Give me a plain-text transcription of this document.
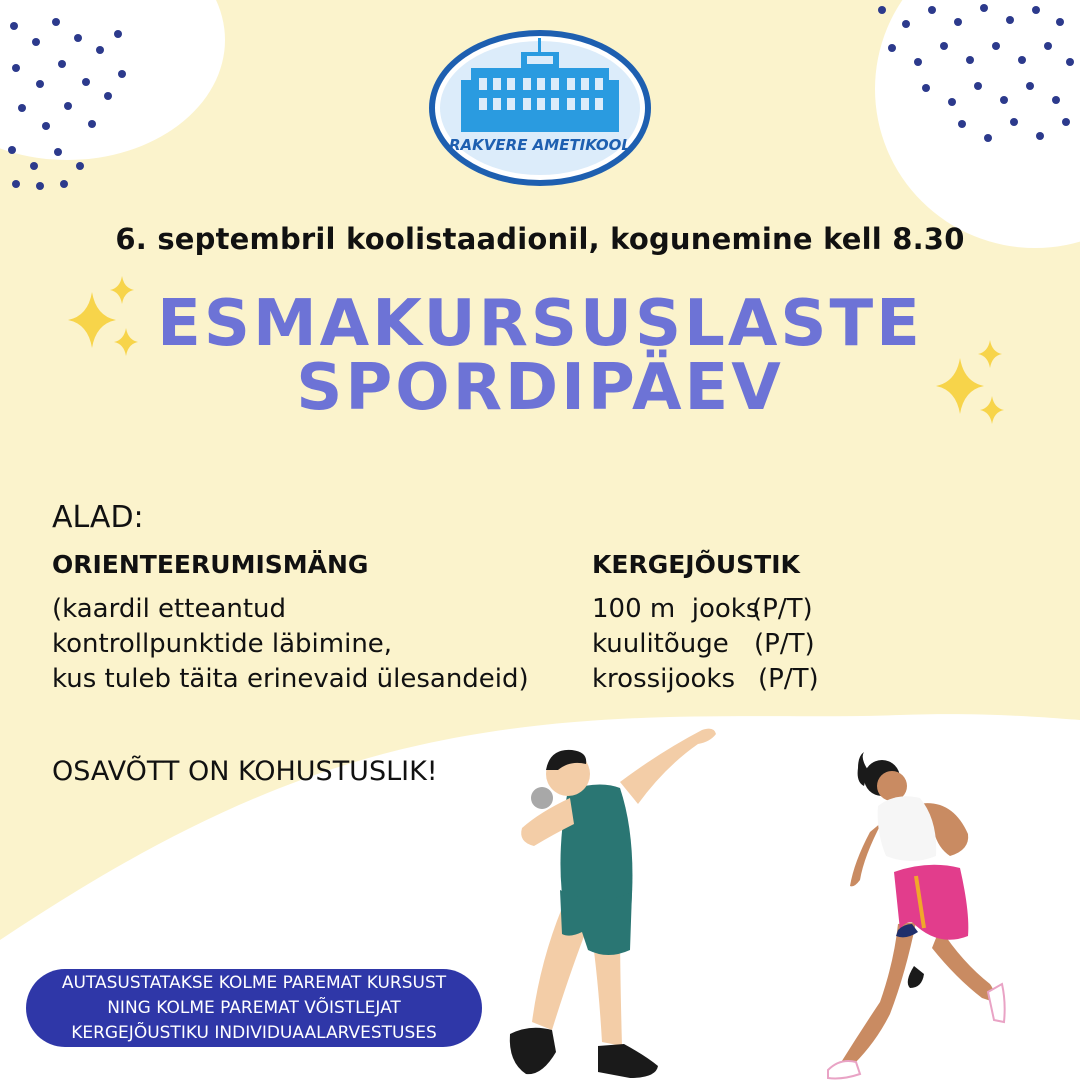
RAKVERE AMETIKOOL
6. septembril koolistaadionil, kogunemine kell 8.30
ESMAKURSUSLASTE
SPORDIPÄEV
ALAD:
ORIENTEERUMISMÄNG
(kaardil etteantud
kontrollpunktide läbimine,
kus tuleb täita erinevaid ülesandeid)
KERGEJÕUSTIK
100 m  jooks
(P/T)
kuulitõuge (P/T)
krossijooks (P/T)
OSAVÕTT ON KOHUSTUSLIK!
AUTASUSTATAKSE KOLME PAREMAT KURSUST
NING KOLME PAREMAT VÕISTLEJAT
KERGEJÕUSTIKU INDIVIDUAALARVESTUSES
